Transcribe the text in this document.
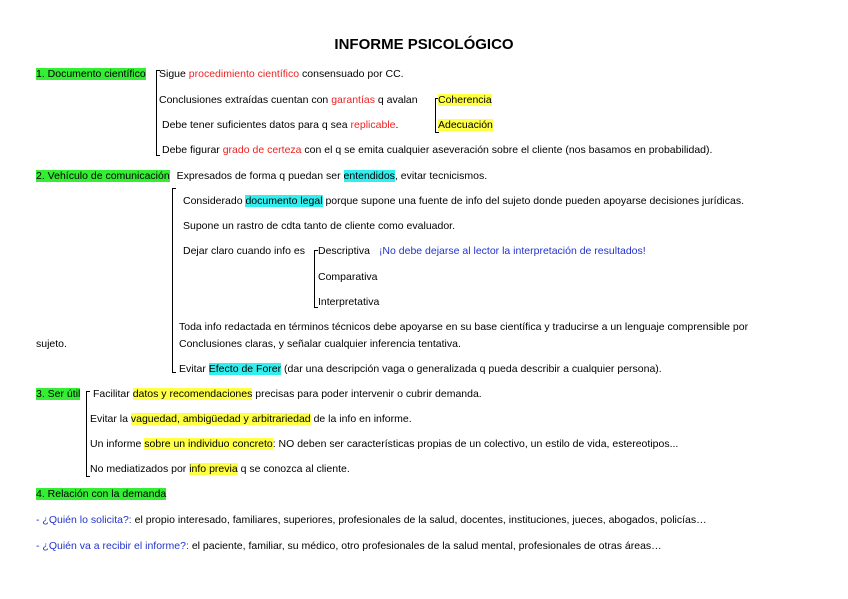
INFORME PSICOLÓGICO
1. Documento científico Sigue procedimiento científico consensuado por CC.
Conclusiones extraídas cuentan con garantías q avalan Coherencia
Debe tener suficientes datos para q sea replicable.	Adecuación
Debe figurar grado de certeza con el q se emita cualquier aseveración sobre el cliente (nos basamos en probabilidad).
2. Vehículo de comunicación Expresados de forma q puedan ser entendidos, evitar tecnicismos.
Considerado documento legal porque supone una fuente de info del sujeto donde pueden apoyarse decisiones jurídicas.
Supone un rastro de cdta tanto de cliente como evaluador.
Dejar claro cuando info es Descriptiva ¡No debe dejarse al lector la interpretación de resultados!
Comparativa
Interpretativa
Toda info redactada en términos técnicos debe apoyarse en su base científica y traducirse a un lenguaje comprensible por
sujeto.	Conclusiones claras, y señalar cualquier inferencia tentativa.
Evitar Efecto de Forer (dar una descripción vaga o generalizada q pueda describir a cualquier persona).
3. Ser útil Facilitar datos y recomendaciones precisas para poder intervenir o cubrir demanda.
Evitar la vaguedad, ambigüedad y arbitrariedad de la info en informe.
Un informe sobre un individuo concreto: NO deben ser características propias de un colectivo, un estilo de vida, estereotipos...
No mediatizados por info previa q se conozca al cliente.
4. Relación con la demanda
- ¿Quién lo solicita?: el propio interesado, familiares, superiores, profesionales de la salud, docentes, instituciones, jueces, abogados, policías…
- ¿Quién va a recibir el informe?: el paciente, familiar, su médico, otro profesionales de la salud mental, profesionales de otras áreas…
